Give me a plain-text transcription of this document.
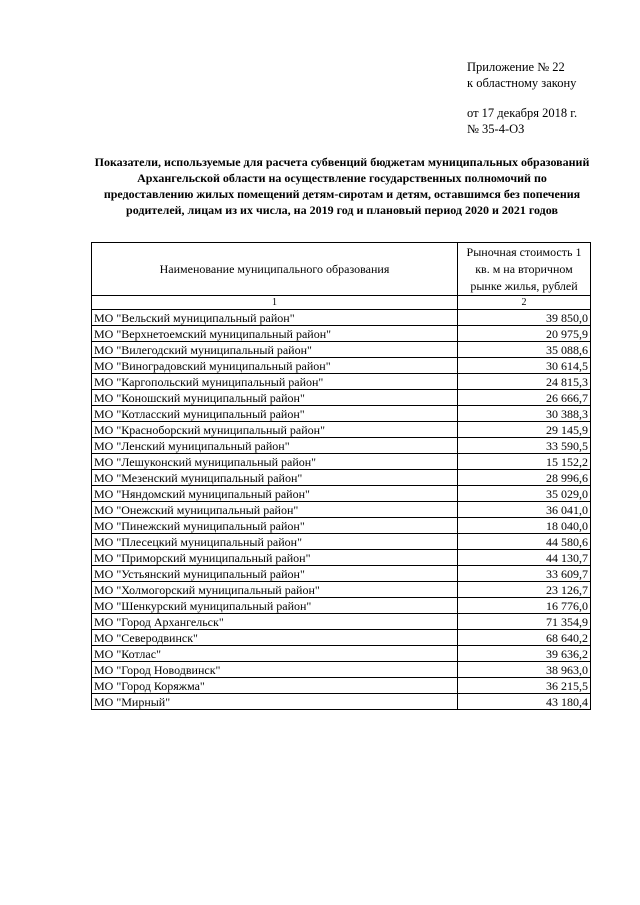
Приложение № 22
к областному закону
от 17 декабря 2018 г.
№ 35-4-ОЗ
Показатели, используемые для расчета субвенций бюджетам муниципальных образований Архангельской области на осуществление государственных полномочий по предоставлению жилых помещений детям-сиротам и детям, оставшимся без попечения родителей, лицам из их числа, на 2019 год и плановый период 2020 и 2021 годов
Наименование муниципального образования	Рыночная стоимость 1 кв. м на вторичном рынке жилья, рублей
1	2
МО "Вельский муниципальный район"	39 850,0
МО "Верхнетоемский муниципальный район"	20 975,9
МО "Вилегодский муниципальный район"	35 088,6
МО "Виноградовский муниципальный район"	30 614,5
МО "Каргопольский муниципальный район"	24 815,3
МО "Коношский муниципальный район"	26 666,7
МО "Котласский муниципальный район"	30 388,3
МО "Красноборский муниципальный район"	29 145,9
МО "Ленский муниципальный район"	33 590,5
МО "Лешуконский муниципальный район"	15 152,2
МО "Мезенский муниципальный район"	28 996,6
МО "Няндомский муниципальный район"	35 029,0
МО "Онежский муниципальный район"	36 041,0
МО "Пинежский муниципальный район"	18 040,0
МО "Плесецкий муниципальный район"	44 580,6
МО "Приморский муниципальный район"	44 130,7
МО "Устьянский муниципальный район"	33 609,7
МО "Холмогорский муниципальный район"	23 126,7
МО "Шенкурский муниципальный район"	16 776,0
МО "Город Архангельск"	71 354,9
МО "Северодвинск"	68 640,2
МО "Котлас"	39 636,2
МО "Город Новодвинск"	38 963,0
МО "Город Коряжма"	36 215,5
МО "Мирный"	43 180,4
